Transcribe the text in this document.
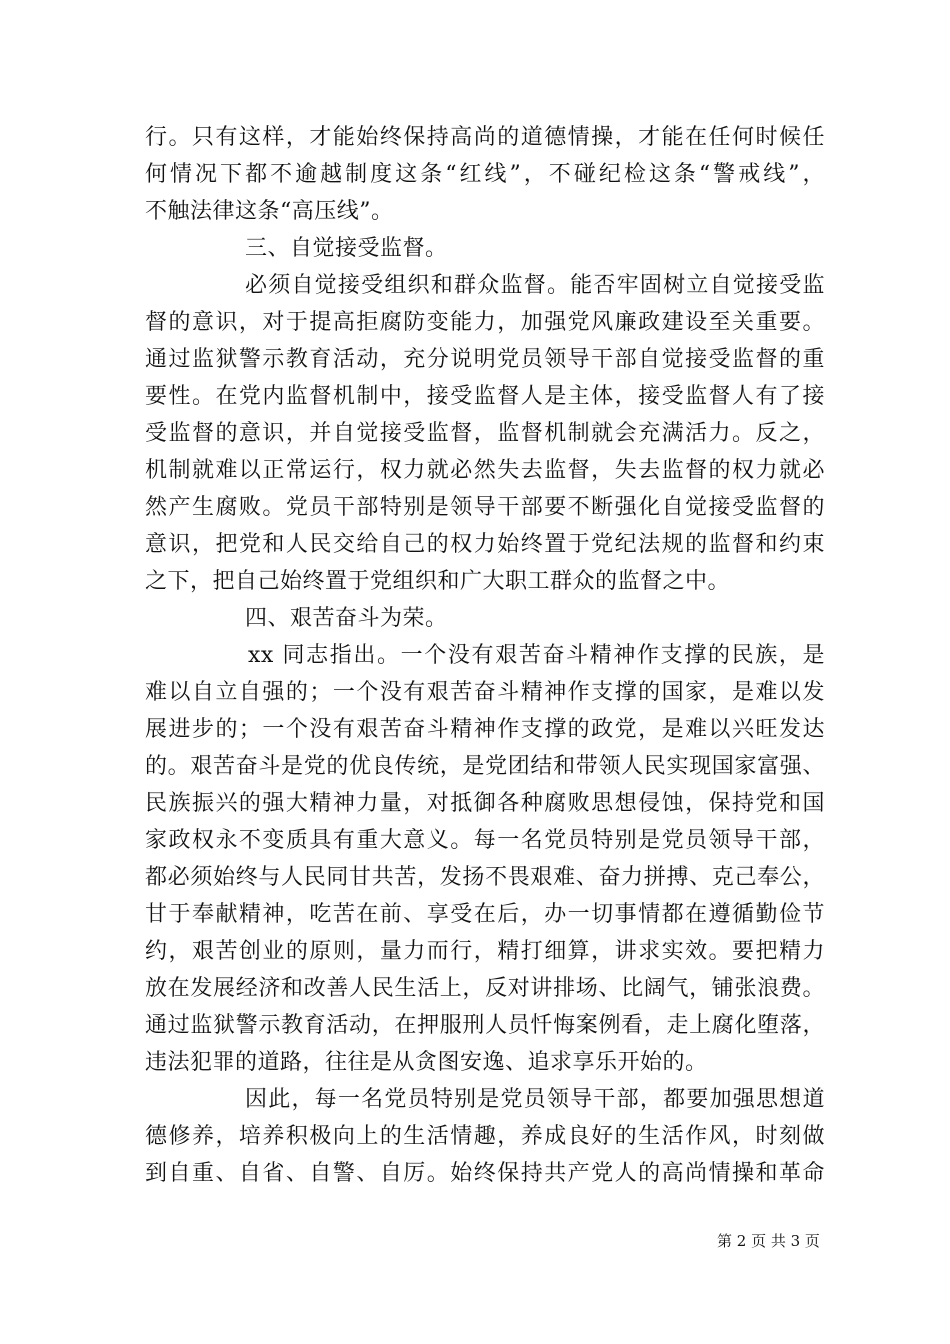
行。只有这样，才能始终保持高尚的道德情操，才能在任何时候任
何情况下都不逾越制度这条“红线”，不碰纪检这条“警戒线”，
不触法律这条“高压线”。
三、自觉接受监督。
必须自觉接受组织和群众监督。能否牢固树立自觉接受监
督的意识，对于提高拒腐防变能力，加强党风廉政建设至关重要。
通过监狱警示教育活动，充分说明党员领导干部自觉接受监督的重
要性。在党内监督机制中，接受监督人是主体，接受监督人有了接
受监督的意识，并自觉接受监督，监督机制就会充满活力。反之，
机制就难以正常运行，权力就必然失去监督，失去监督的权力就必
然产生腐败。党员干部特别是领导干部要不断强化自觉接受监督的
意识，把党和人民交给自己的权力始终置于党纪法规的监督和约束
之下，把自己始终置于党组织和广大职工群众的监督之中。
四、艰苦奋斗为荣。
xx 同志指出。一个没有艰苦奋斗精神作支撑的民族，是
难以自立自强的；一个没有艰苦奋斗精神作支撑的国家，是难以发
展进步的；一个没有艰苦奋斗精神作支撑的政党，是难以兴旺发达
的。艰苦奋斗是党的优良传统，是党团结和带领人民实现国家富强、
民族振兴的强大精神力量，对抵御各种腐败思想侵蚀，保持党和国
家政权永不变质具有重大意义。每一名党员特别是党员领导干部，
都必须始终与人民同甘共苦，发扬不畏艰难、奋力拼搏、克己奉公，
甘于奉献精神，吃苦在前、享受在后，办一切事情都在遵循勤俭节
约，艰苦创业的原则，量力而行，精打细算，讲求实效。要把精力
放在发展经济和改善人民生活上，反对讲排场、比阔气，铺张浪费。
通过监狱警示教育活动，在押服刑人员忏悔案例看，走上腐化堕落，
违法犯罪的道路，往往是从贪图安逸、追求享乐开始的。
因此，每一名党员特别是党员领导干部，都要加强思想道
德修养，培养积极向上的生活情趣，养成良好的生活作风，时刻做
到自重、自省、自警、自厉。始终保持共产党人的高尚情操和革命
第 2 页 共 3 页
